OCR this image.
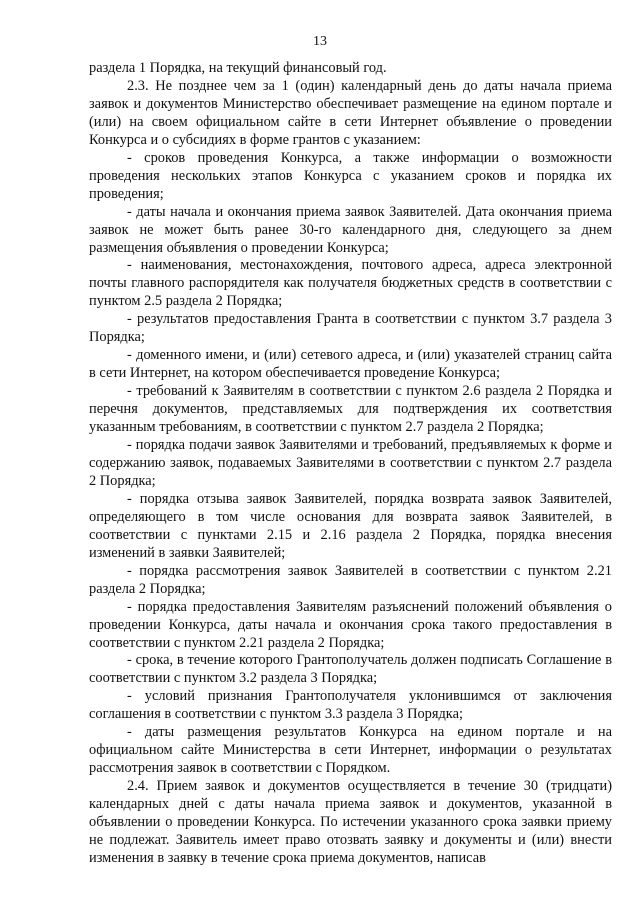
13

раздела 1 Порядка, на текущий финансовый год.

2.3. Не позднее чем за 1 (один) календарный день до даты начала приема заявок и документов Министерство обеспечивает размещение на едином портале и (или) на своем официальном сайте в сети Интернет объявление о проведении Конкурса и о субсидиях в форме грантов с указанием:

- сроков проведения Конкурса, а также информации о возможности проведения нескольких этапов Конкурса с указанием сроков и порядка их проведения;

- даты начала и окончания приема заявок Заявителей. Дата окончания приема заявок не может быть ранее 30-го календарного дня, следующего за днем размещения объявления о проведении Конкурса;

- наименования, местонахождения, почтового адреса, адреса электронной почты главного распорядителя как получателя бюджетных средств в соответствии с пунктом 2.5 раздела 2 Порядка;

- результатов предоставления Гранта в соответствии с пунктом 3.7 раздела 3 Порядка;

- доменного имени, и (или) сетевого адреса, и (или) указателей страниц сайта в сети Интернет, на котором обеспечивается проведение Конкурса;

- требований к Заявителям в соответствии с пунктом 2.6 раздела 2 Порядка и перечня документов, представляемых для подтверждения их соответствия указанным требованиям, в соответствии с пунктом 2.7 раздела 2 Порядка;

- порядка подачи заявок Заявителями и требований, предъявляемых к форме и содержанию заявок, подаваемых Заявителями в соответствии с пунктом 2.7 раздела 2 Порядка;

- порядка отзыва заявок Заявителей, порядка возврата заявок Заявителей, определяющего в том числе основания для возврата заявок Заявителей, в соответствии с пунктами 2.15 и 2.16 раздела 2 Порядка, порядка внесения изменений в заявки Заявителей;

- порядка рассмотрения заявок Заявителей в соответствии с пунктом 2.21 раздела 2 Порядка;

- порядка предоставления Заявителям разъяснений положений объявления о проведении Конкурса, даты начала и окончания срока такого предоставления в соответствии с пунктом 2.21 раздела 2 Порядка;

- срока, в течение которого Грантополучатель должен подписать Соглашение в соответствии с пунктом 3.2 раздела 3 Порядка;

- условий признания Грантополучателя уклонившимся от заключения соглашения в соответствии с пунктом 3.3 раздела 3 Порядка;

- даты размещения результатов Конкурса на едином портале и на официальном сайте Министерства в сети Интернет, информации о результатах рассмотрения заявок в соответствии с Порядком.

2.4. Прием заявок и документов осуществляется в течение 30 (тридцати) календарных дней с даты начала приема заявок и документов, указанной в объявлении о проведении Конкурса. По истечении указанного срока заявки приему не подлежат. Заявитель имеет право отозвать заявку и документы и (или) внести изменения в заявку в течение срока приема документов, написав
